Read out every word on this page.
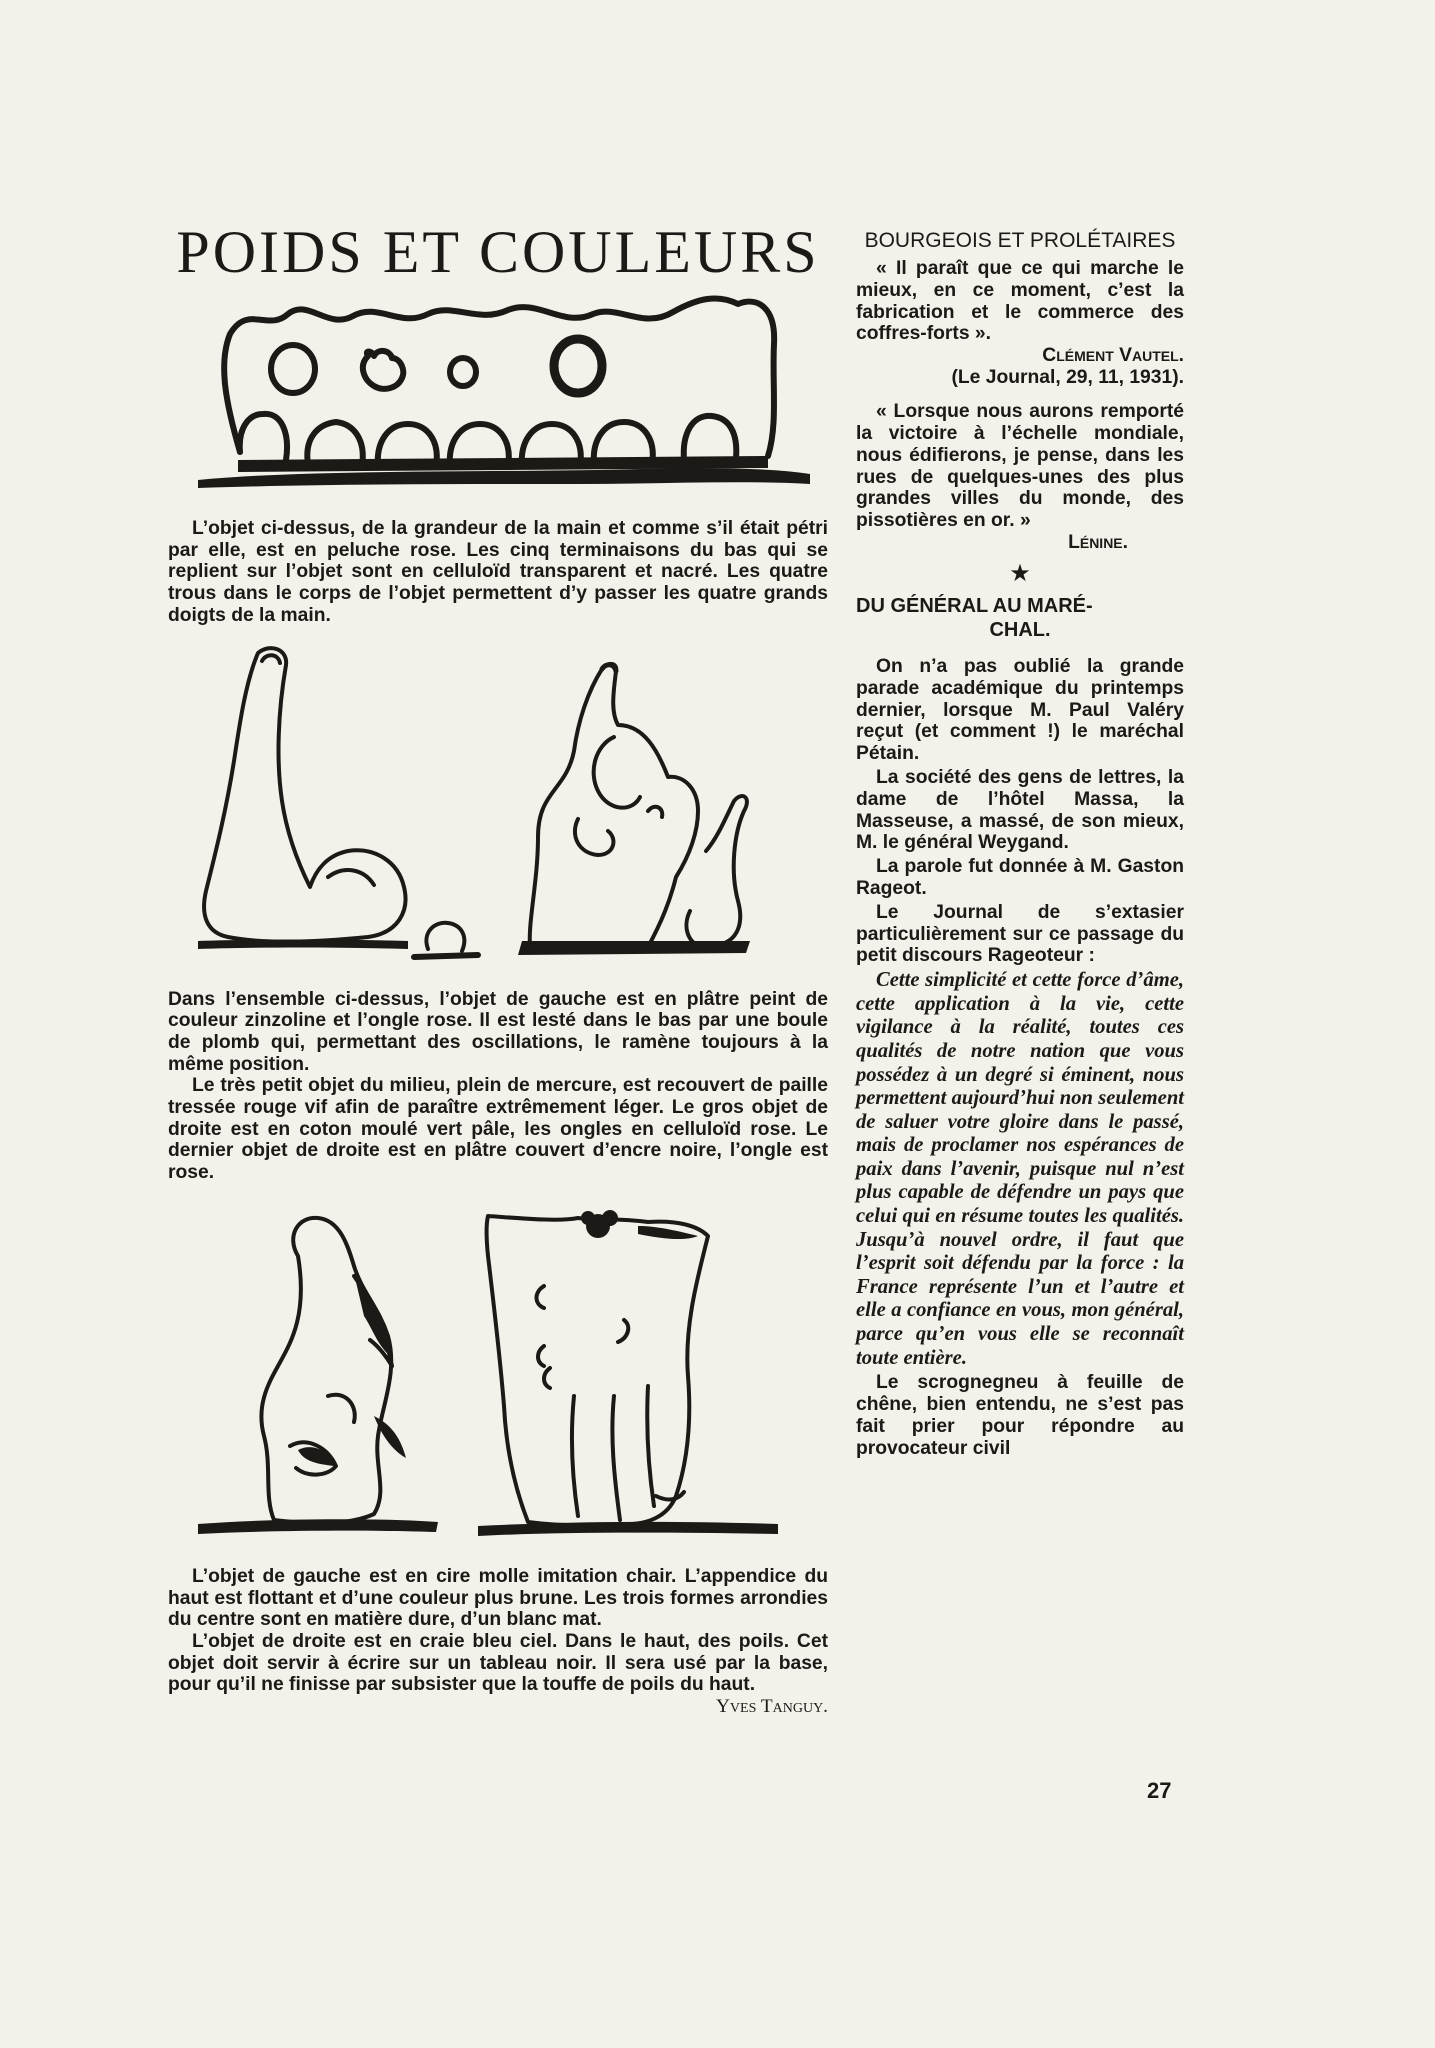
POIDS ET COULEURS

L’objet ci-dessus, de la grandeur de la main et comme s’il était pétri par elle, est en peluche rose. Les cinq terminaisons du bas qui se replient sur l’objet sont en celluloïd transparent et nacré. Les quatre trous dans le corps de l’objet permettent d’y passer les quatre grands doigts de la main.

Dans l’ensemble ci-dessus, l’objet de gauche est en plâtre peint de couleur zinzoline et l’ongle rose. Il est lesté dans le bas par une boule de plomb qui, permettant des oscillations, le ramène toujours à la même position.

Le très petit objet du milieu, plein de mercure, est recouvert de paille tressée rouge vif afin de paraître extrêmement léger. Le gros objet de droite est en coton moulé vert pâle, les ongles en celluloïd rose. Le dernier objet de droite est en plâtre couvert d’encre noire, l’ongle est rose.

L’objet de gauche est en cire molle imitation chair. L’appendice du haut est flottant et d’une couleur plus brune. Les trois formes arrondies du centre sont en matière dure, d’un blanc mat.

L’objet de droite est en craie bleu ciel. Dans le haut, des poils. Cet objet doit servir à écrire sur un tableau noir. Il sera usé par la base, pour qu’il ne finisse par subsister que la touffe de poils du haut.
Yves Tanguy.

BOURGEOIS ET PROLÉTAIRES

« Il paraît que ce qui marche le mieux, en ce moment, c’est la fabrication et le commerce des coffres-forts ».

Clément Vautel.

(Le Journal, 29, 11, 1931).

« Lorsque nous aurons remporté la victoire à l’échelle mondiale, nous édifierons, je pense, dans les rues de quelques-unes des plus grandes villes du monde, des pissotières en or. »

Lénine.

★
DU GÉNÉRAL AU MARÉ-
CHAL.

On n’a pas oublié la grande parade académique du printemps dernier, lorsque M. Paul Valéry reçut (et comment !) le maréchal Pétain.

La société des gens de lettres, la dame de l’hôtel Massa, la Masseuse, a massé, de son mieux, M. le général Weygand.

La parole fut donnée à M. Gaston Rageot.

Le Journal de s’extasier particulièrement sur ce passage du petit discours Rageoteur :

Cette simplicité et cette force d’âme, cette application à la vie, cette vigilance à la réalité, toutes ces qualités de notre nation que vous possédez à un degré si éminent, nous permettent aujourd’hui non seulement de saluer votre gloire dans le passé, mais de proclamer nos espérances de paix dans l’avenir, puisque nul n’est plus capable de défendre un pays que celui qui en résume toutes les qualités. Jusqu’à nouvel ordre, il faut que l’esprit soit défendu par la force : la France représente l’un et l’autre et elle a confiance en vous, mon général, parce qu’en vous elle se reconnaît toute entière.

Le scrognegneu à feuille de chêne, bien entendu, ne s’est pas fait prier pour répondre au provocateur civil

27
